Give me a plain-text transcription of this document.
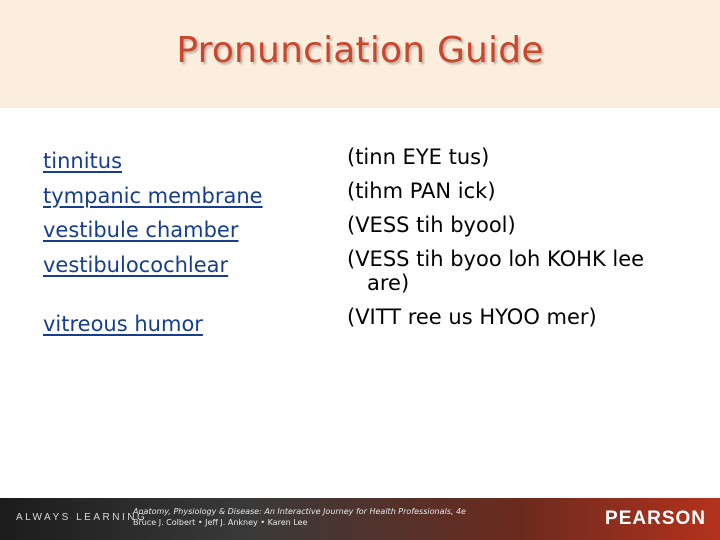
Pronunciation Guide
tinnitus
tympanic membrane
vestibule chamber
vestibulocochlear
vitreous humor
(tinn EYE tus)
(tihm PAN ick)
(VESS tih byool)
(VESS tih byoo loh KOHK lee
are)
(VITT ree us HYOO mer)
ALWAYS LEARNING
Anatomy, Physiology & Disease: An Interactive Journey for Health Professionals, 4e
Bruce J. Colbert • Jeff J. Ankney • Karen Lee	PEARSON
